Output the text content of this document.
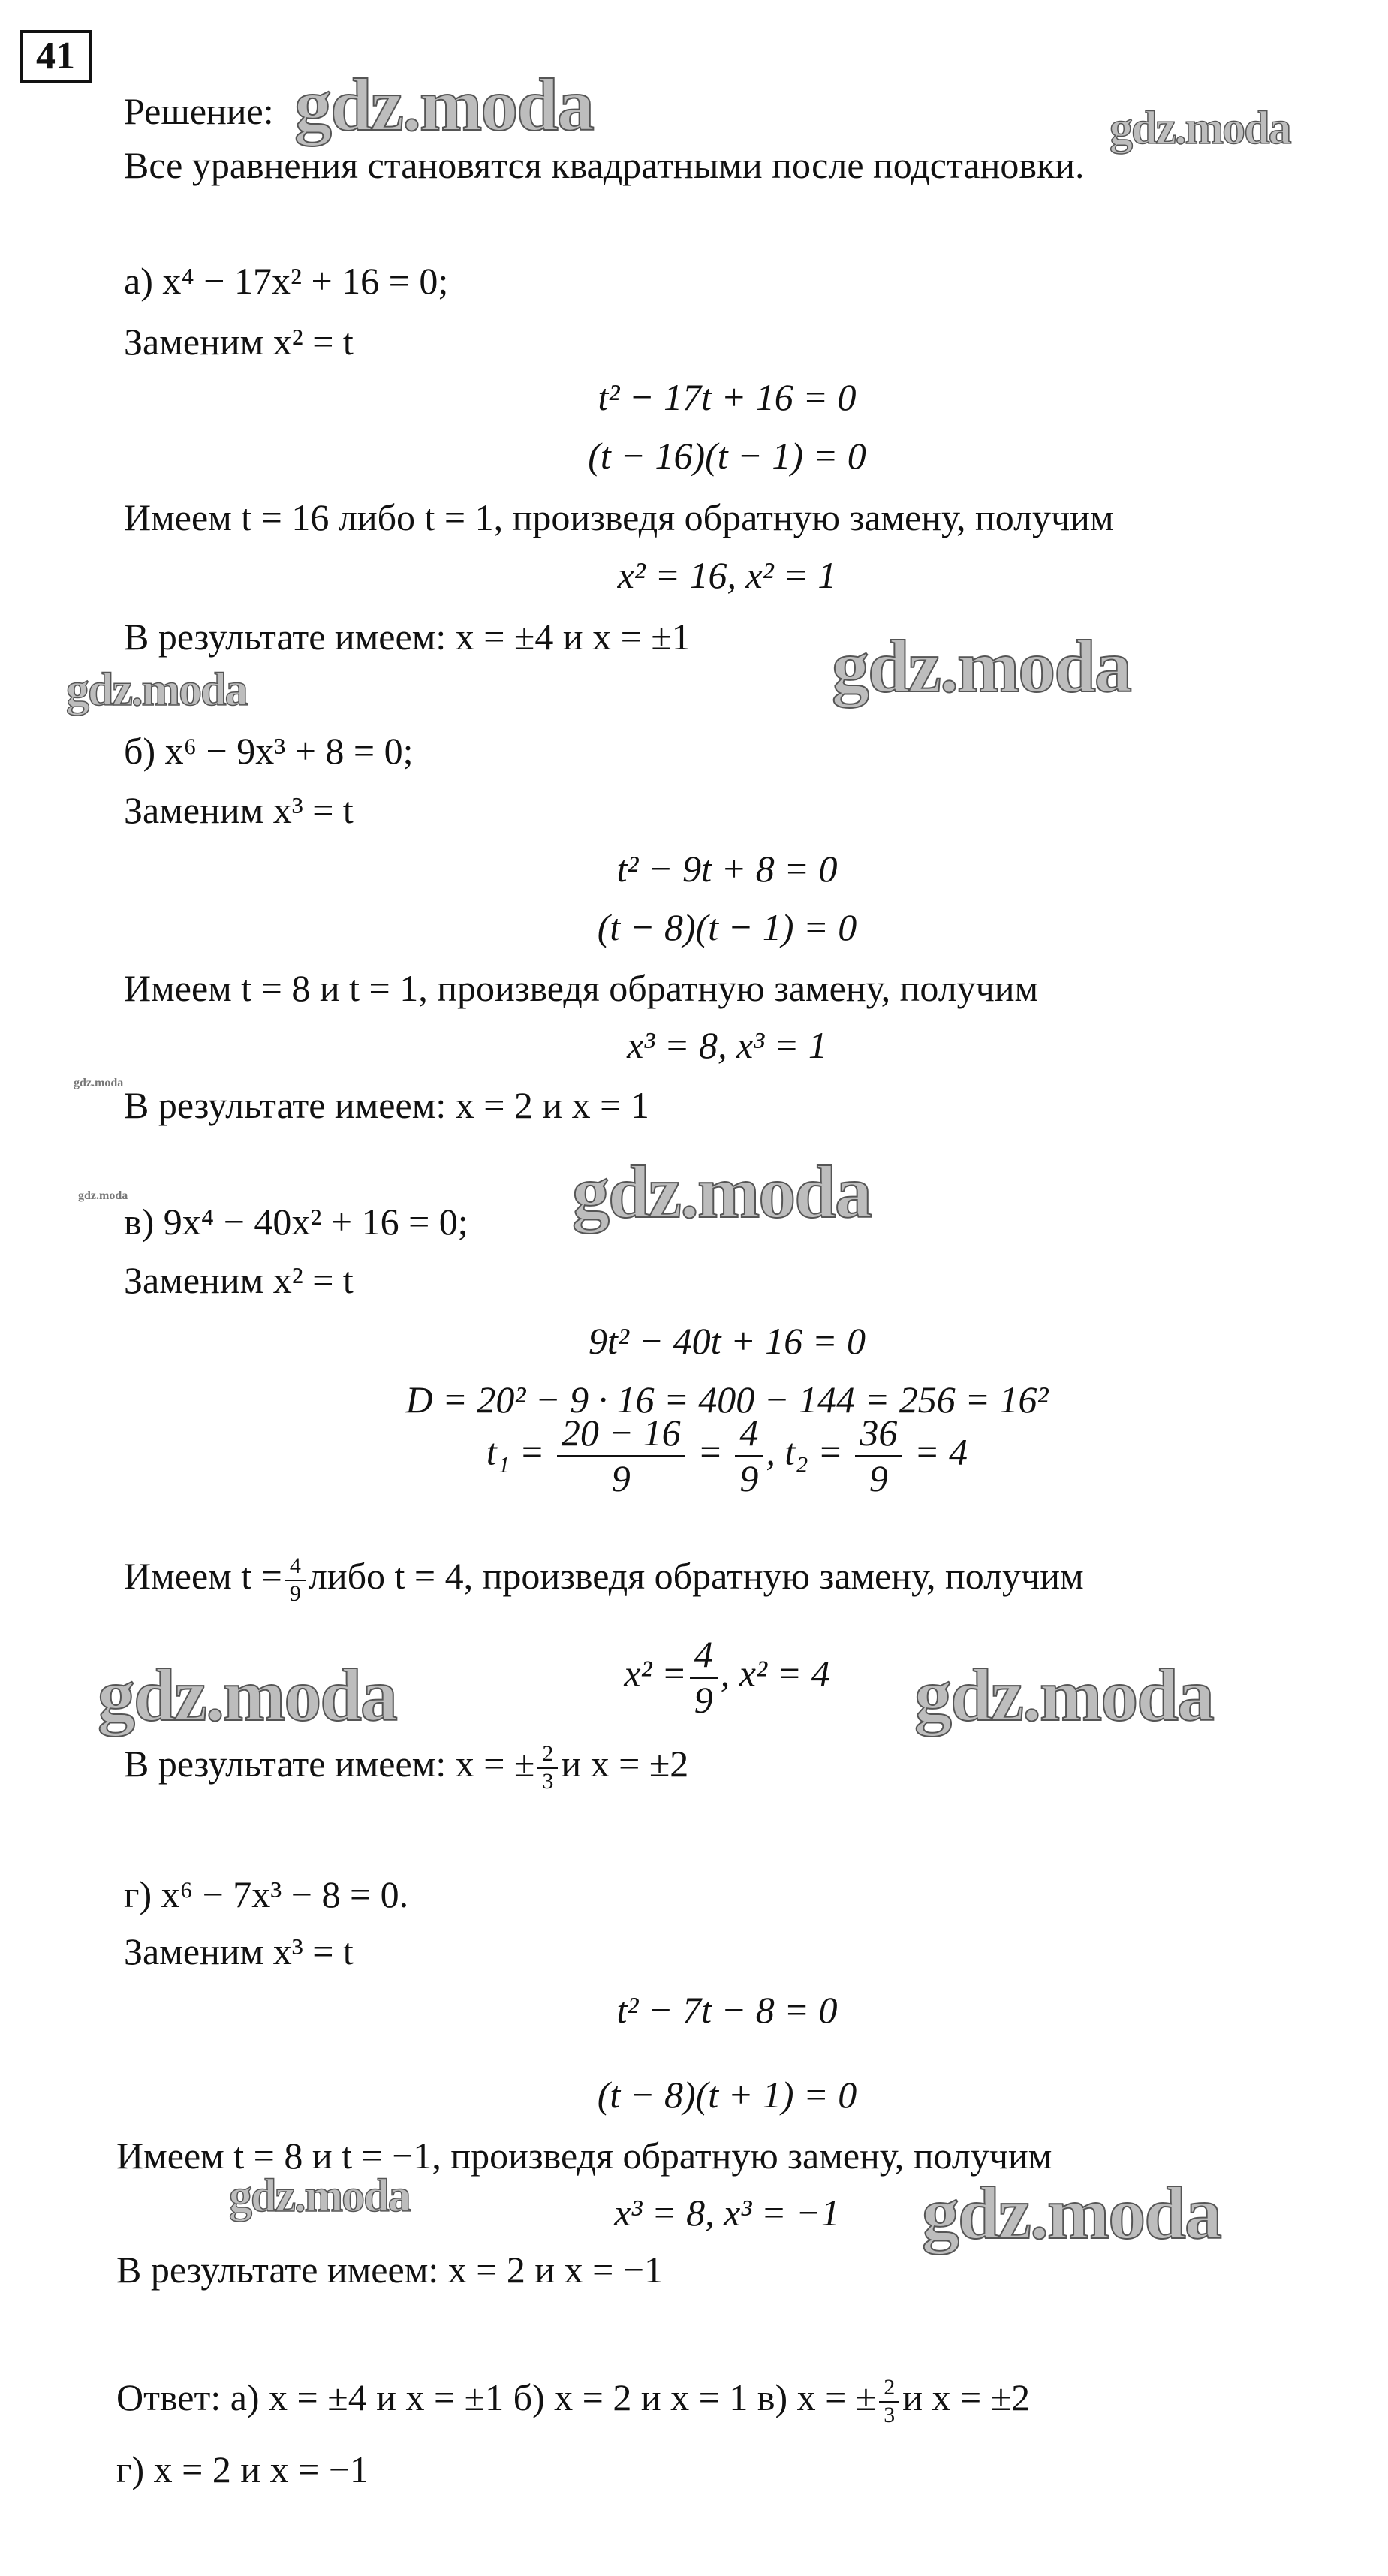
41
gdz.moda	gdz.moda
gdz.moda	gdz.moda
gdz.moda
gdz.moda	gdz.moda
gdz.moda	gdz.moda
gdz.moda	gdz.moda
Решение:
Все уравнения становятся квадратными после подстановки.
а) x⁴ − 17x² + 16 = 0;
Заменим x² = t
t² − 17t + 16 = 0
(t − 16)(t − 1) = 0
Имеем t = 16 либо t = 1, произведя обратную замену, получим
x² = 16, x² = 1
В результате имеем: x = ±4 и x = ±1
б) x⁶ − 9x³ + 8 = 0;
Заменим x³ = t
t² − 9t + 8 = 0
(t − 8)(t − 1) = 0
Имеем t = 8 и t = 1, произведя обратную замену, получим
x³ = 8, x³ = 1
В результате имеем: x = 2 и x = 1
в) 9x⁴ − 40x² + 16 = 0;
Заменим x² = t
9t² − 40t + 16 = 0
D = 20² − 9 · 16 = 400 − 144 = 256 = 16²
$t_1 = \frac{20 - 16}{9} = \frac{4}{9}$ , $t_2 = \frac{36}{9} = 4$
Имеем $t = \frac{4}{9}$ либо t = 4, произведя обратную замену, получим
$x^2 = \frac{4}{9}$ , x² = 4
В результате имеем: x = ± $\frac{2}{3}$ и x = ±2
г) x⁶ − 7x³ − 8 = 0.
Заменим x³ = t
t² − 7t − 8 = 0
(t − 8)(t + 1) = 0
Имеем t = 8 и t = −1, произведя обратную замену, получим
x³ = 8, x³ = −1
В результате имеем: x = 2 и x = −1
Ответ: а) x = ±4 и x = ±1 б) x = 2 и x = 1 в) x = ± $\frac{2}{3}$ и x = ±2
г) x = 2 и x = −1
